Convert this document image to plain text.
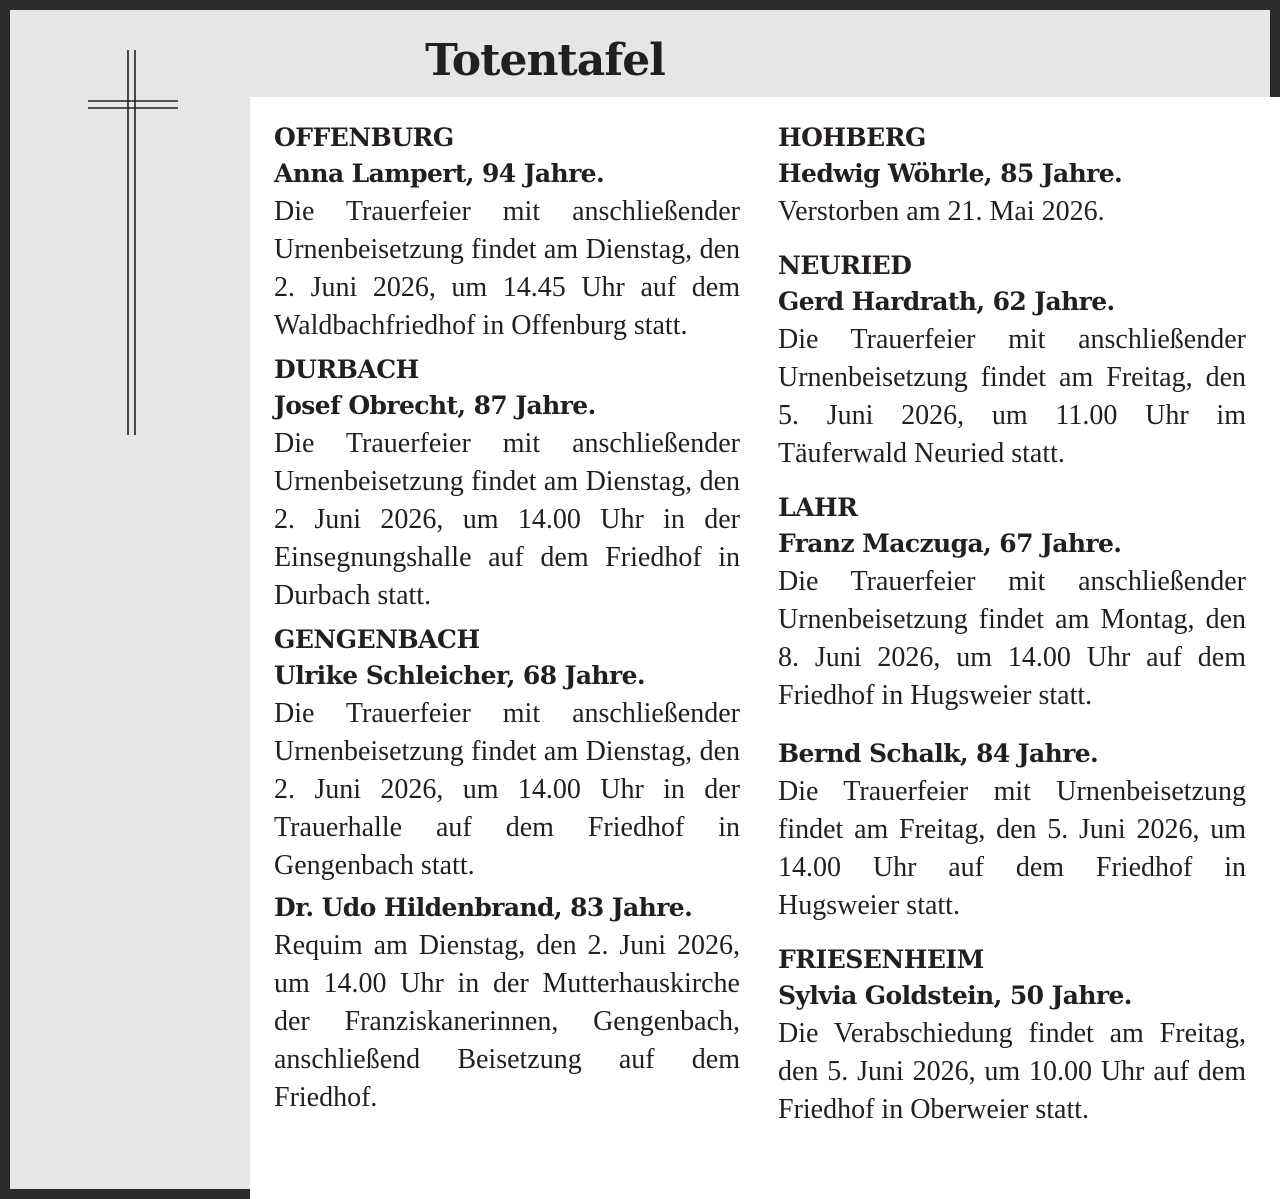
Totentafel

OFFENBURG

Anna Lampert, 94 Jahre.

Die Trauerfeier mit anschließender Urnenbeisetzung findet am Dienstag, den 2. Juni 2026, um 14.45 Uhr auf dem Waldbachfriedhof in Offenburg statt.

DURBACH

Josef Obrecht, 87 Jahre.

Die Trauerfeier mit anschließender Urnenbeisetzung findet am Dienstag, den 2. Juni 2026, um 14.00 Uhr in der Einsegnungshalle auf dem Friedhof in Durbach statt.

GENGENBACH

Ulrike Schleicher, 68 Jahre.

Die Trauerfeier mit anschließender Urnenbeisetzung findet am Dienstag, den 2. Juni 2026, um 14.00 Uhr in der Trauerhalle auf dem Friedhof in Gengenbach statt.

Dr. Udo Hildenbrand, 83 Jahre.

Requim am Dienstag, den 2. Juni 2026, um 14.00 Uhr in der Mutterhauskirche der Franziskanerinnen, Gengenbach, anschließend Beisetzung auf dem Friedhof.

HOHBERG

Hedwig Wöhrle, 85 Jahre.

Verstorben am 21. Mai 2026.

NEURIED

Gerd Hardrath, 62 Jahre.

Die Trauerfeier mit anschließender Urnenbeisetzung findet am Freitag, den 5. Juni 2026, um 11.00 Uhr im Täuferwald Neuried statt.

LAHR

Franz Maczuga, 67 Jahre.

Die Trauerfeier mit anschließender Urnenbeisetzung findet am Montag, den 8. Juni 2026, um 14.00 Uhr auf dem Friedhof in Hugsweier statt.

Bernd Schalk, 84 Jahre.

Die Trauerfeier mit Urnenbeisetzung findet am Freitag, den 5. Juni 2026, um 14.00 Uhr auf dem Friedhof in Hugsweier statt.

FRIESENHEIM

Sylvia Goldstein, 50 Jahre.

Die Verabschiedung findet am Freitag, den 5. Juni 2026, um 10.00 Uhr auf dem Friedhof in Oberweier statt.
